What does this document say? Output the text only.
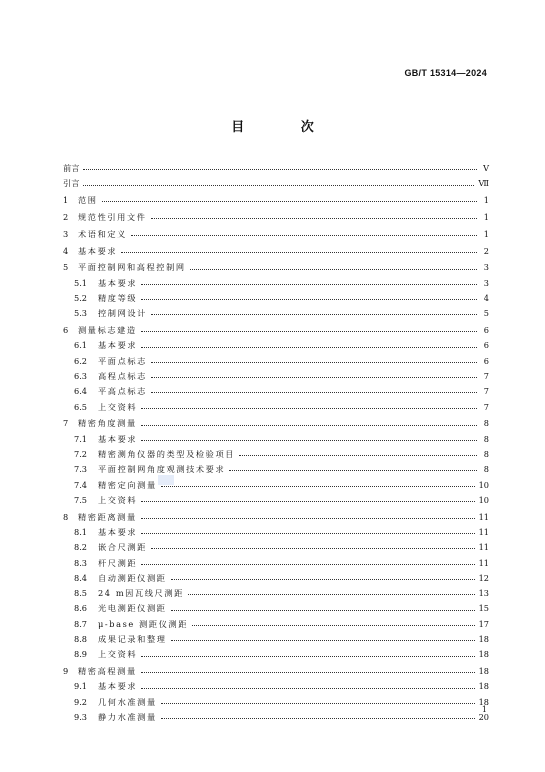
GB/T 15314—2024
目 次
前言	Ⅴ
引言	Ⅶ
1	范围	1
2	规范性引用文件	1
3	术语和定义	1
4	基本要求	2
5	平面控制网和高程控制网	3
5.1	基本要求	3
5.2	精度等级	4
5.3	控制网设计	5
6	测量标志建造	6
6.1	基本要求	6
6.2	平面点标志	6
6.3	高程点标志	7
6.4	平高点标志	7
6.5	上交资料	7
7	精密角度测量	8
7.1	基本要求	8
7.2	精密测角仪器的类型及检验项目	8
7.3	平面控制网角度观测技术要求	8
7.4	精密定向测量	10
7.5	上交资料	10
8	精密距离测量	11
8.1	基本要求	11
8.2	嵌合尺测距	11
8.3	杆尺测距	11
8.4	自动测距仪测距	12
8.5	24 m因瓦线尺测距	13
8.6	光电测距仪测距	15
8.7	μ-base 测距仪测距	17
8.8	成果记录和整理	18
8.9	上交资料	18
9	精密高程测量	18
9.1	基本要求	18
9.2	几何水准测量	18
9.3	静力水准测量	20
1
